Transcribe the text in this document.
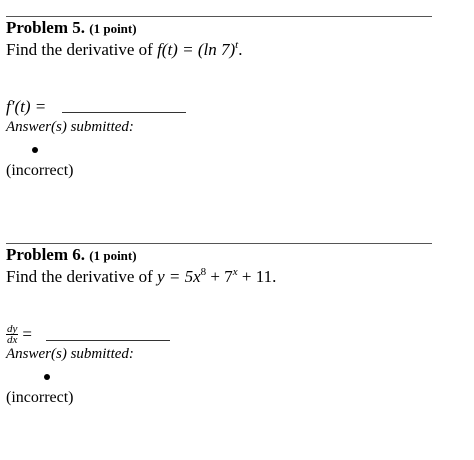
Problem 5. (1 point)
Find the derivative of f(t) = (ln 7)$^t$.
f′(t) =
Answer(s) submitted:
(incorrect)
Problem 6. (1 point)
Find the derivative of $y = 5x^8 + 7^x + 11$.
$\frac{dy}{dx}$ =
Answer(s) submitted:
(incorrect)
